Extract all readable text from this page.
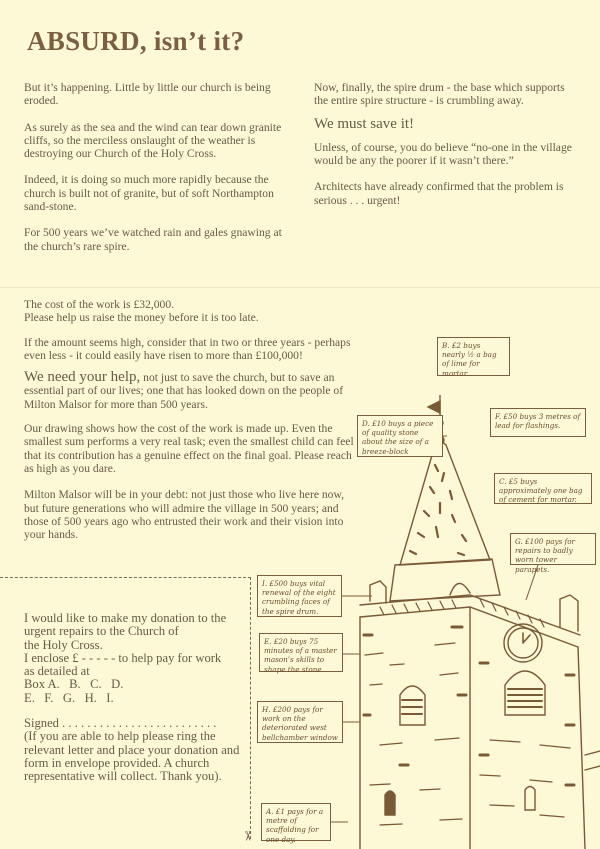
ABSURD, isn’t it?

But it’s happening. Little by little our church is being eroded.

As surely as the sea and the wind can tear down granite cliffs, so the merciless onslaught of the weather is destroying our Church of the Holy Cross.

Indeed, it is doing so much more rapidly because the church is built not of granite, but of soft Northampton sand-stone.

For 500 years we’ve watched rain and gales gnawing at the church’s rare spire.

Now, finally, the spire drum - the base which supports the entire spire structure - is crumbling away.

We must save it!

Unless, of course, you do believe “no-one in the village would be any the poorer if it wasn’t there.”

Architects have already confirmed that the problem is serious . . . urgent!

The cost of the work is £32,000.

Please help us raise the money before it is too late.

If the amount seems high, consider that in two or three years - perhaps even less - it could easily have risen to more than £100,000!

We need your help, not just to save the church, but to save an essential part of our lives; one that has looked down on the people of Milton Malsor for more than 500 years.

Our drawing shows how the cost of the work is made up. Even the smallest sum performs a very real task; even the smallest child can feel that its contribution has a genuine effect on the final goal. Please reach as high as you dare.

Milton Malsor will be in your debt: not just those who live here now, but future generations who will admire the village in 500 years; and those of 500 years ago who entrusted their work and their vision into your hands.

✂
I would like to make my donation to the
urgent repairs to the Church of
the Holy Cross.
I enclose £ - - - - - to help pay for work
as detailed at
Box A.   B.   C.   D.
E.   F.   G.   H.   I.
Signed . . . . . . . . . . . . . . . . . . . . . . . . .
(If you are able to help please ring the relevant letter and place your donation and form in envelope provided. A church representative will collect. Thank you).
B. £2 buys nearly ½ a bag of lime for mortar.
F. £50 buys 3 metres of lead for flashings.
D. £10 buys a piece of quality stone about the size of a breeze-block
C. £5 buys approximately one bag of cement for mortar.
G. £100 pays for repairs to badly worn tower parapets.
I. £500 buys vital renewal of the eight crumbling faces of the spire drum.
E. £20 buys 75 minutes of a master mason’s skills to shape the stone.
H. £200 pays for work on the deteriorated west bellchamber window
A. £1 pays for a metre of scaffolding for one day.
